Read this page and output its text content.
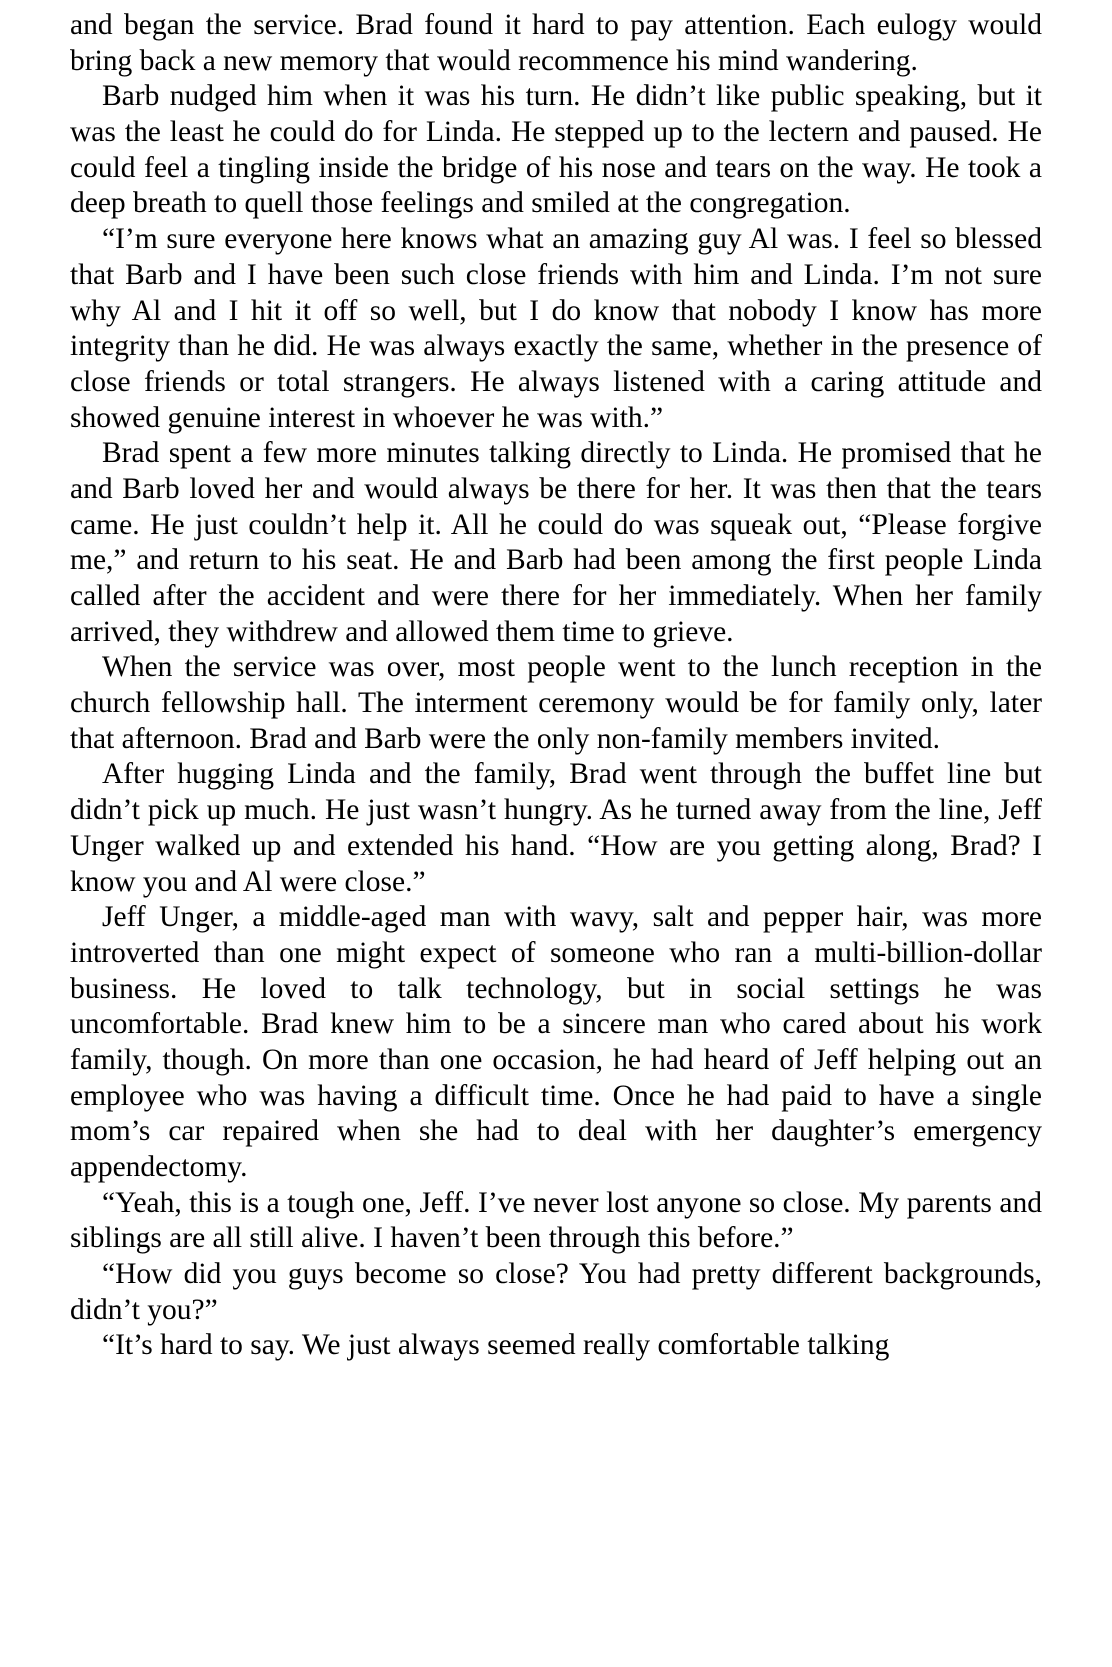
and began the service. Brad found it hard to pay attention. Each eulogy would bring back a new memory that would recommence his mind wandering.

Barb nudged him when it was his turn. He didn’t like public speaking, but it was the least he could do for Linda. He stepped up to the lectern and paused. He could feel a tingling inside the bridge of his nose and tears on the way. He took a deep breath to quell those feelings and smiled at the congregation.

“I’m sure everyone here knows what an amazing guy Al was. I feel so blessed that Barb and I have been such close friends with him and Linda. I’m not sure why Al and I hit it off so well, but I do know that nobody I know has more integrity than he did. He was always exactly the same, whether in the presence of close friends or total strangers. He always listened with a caring attitude and showed genuine interest in whoever he was with.”

Brad spent a few more minutes talking directly to Linda. He promised that he and Barb loved her and would always be there for her. It was then that the tears came. He just couldn’t help it. All he could do was squeak out, “Please forgive me,” and return to his seat. He and Barb had been among the first people Linda called after the accident and were there for her immediately. When her family arrived, they withdrew and allowed them time to grieve.

When the service was over, most people went to the lunch reception in the church fellowship hall. The interment ceremony would be for family only, later that afternoon. Brad and Barb were the only non-family members invited.

After hugging Linda and the family, Brad went through the buffet line but didn’t pick up much. He just wasn’t hungry. As he turned away from the line, Jeff Unger walked up and extended his hand. “How are you getting along, Brad? I know you and Al were close.”

Jeff Unger, a middle-aged man with wavy, salt and pepper hair, was more introverted than one might expect of someone who ran a multi-billion-dollar business. He loved to talk technology, but in social settings he was uncomfortable. Brad knew him to be a sincere man who cared about his work family, though. On more than one occasion, he had heard of Jeff helping out an employee who was having a difficult time. Once he had paid to have a single mom’s car repaired when she had to deal with her daughter’s emergency appendectomy.

“Yeah, this is a tough one, Jeff. I’ve never lost anyone so close. My parents and siblings are all still alive. I haven’t been through this before.”

“How did you guys become so close? You had pretty different backgrounds, didn’t you?”

“It’s hard to say. We just always seemed really comfortable talking
